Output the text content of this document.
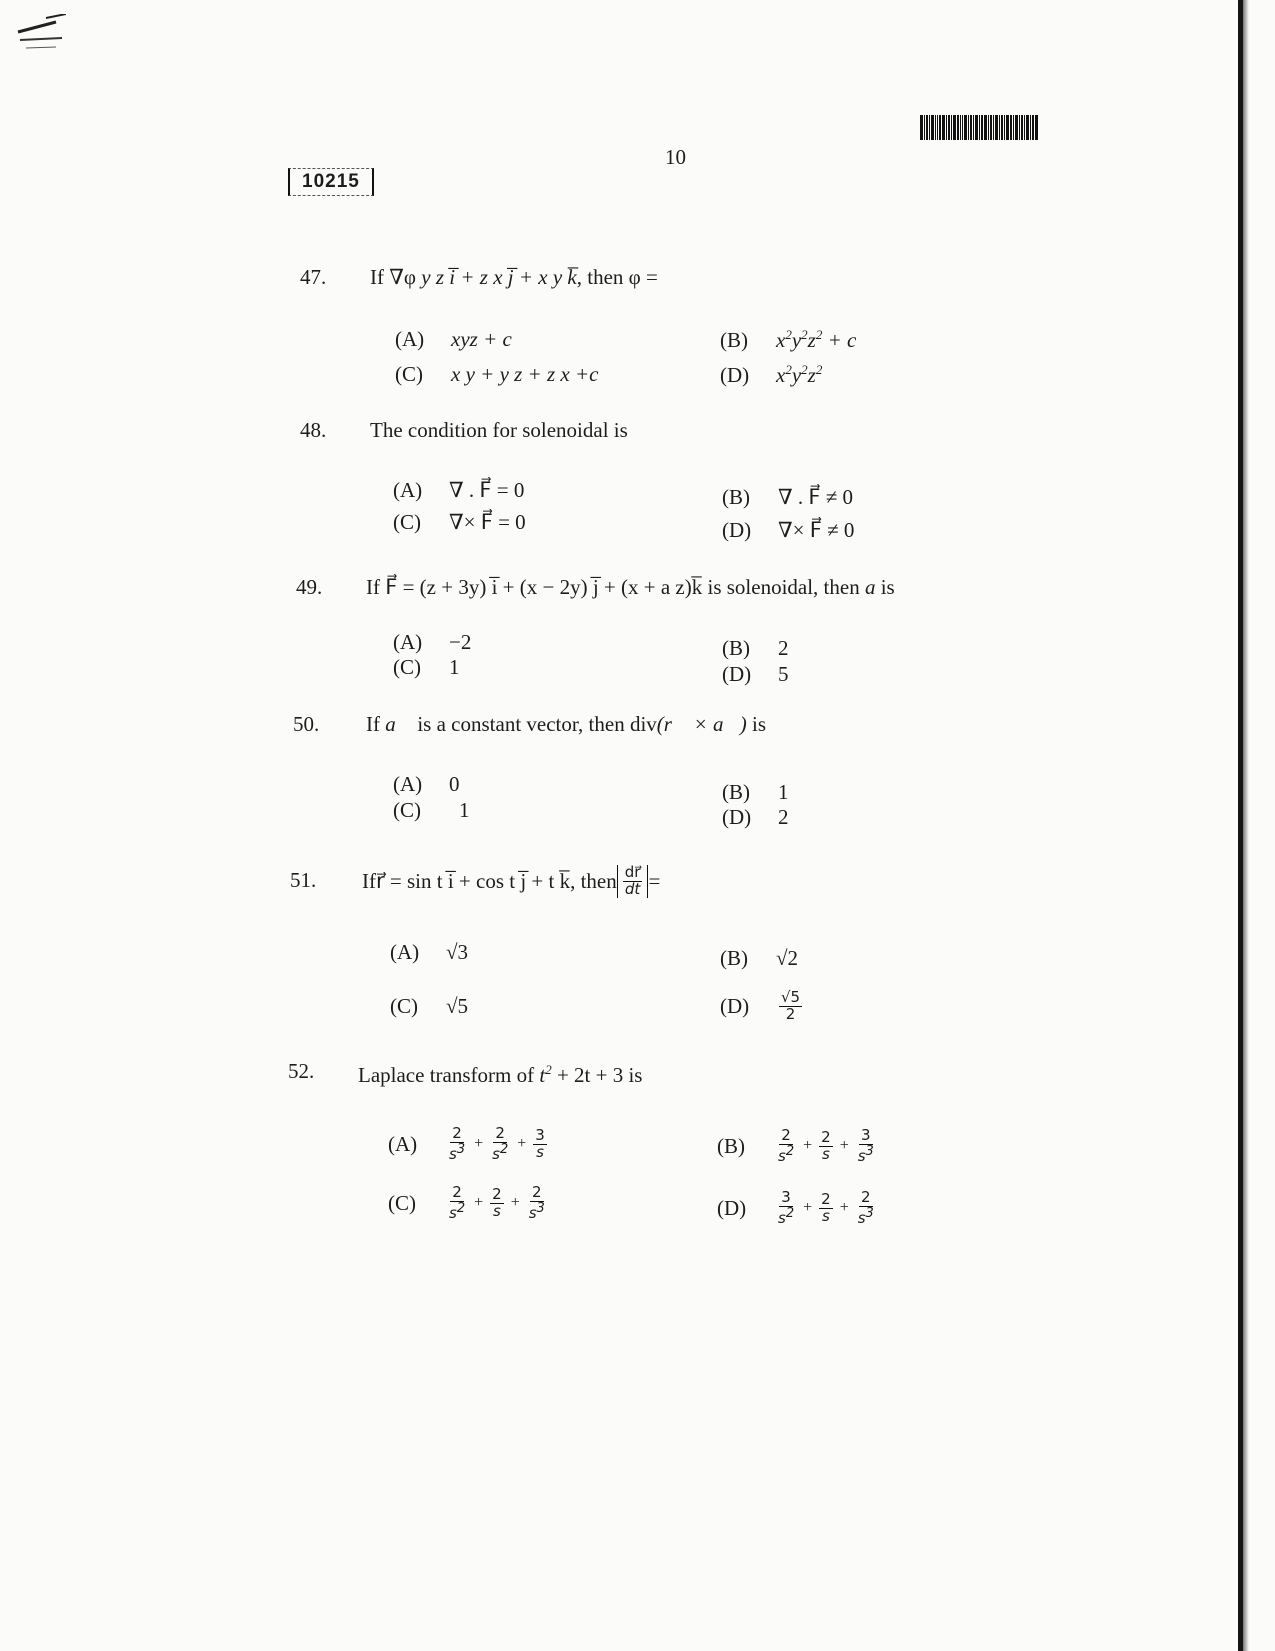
10
10215
47. If ∇φ y z i̅ + z x j̅ + x y k̅, then φ =
(A)	xyz + c	(B)	$x^2y^2z^2 + c$
(C)	x y + y z + z x +c	(D)	$x^2y^2z^2$
48. The condition for solenoidal is
(A)	∇ . F⃗ = 0	(B)	∇ . F⃗ ≠ 0
(C)	∇× F⃗ = 0	(D)	∇× F⃗ ≠ 0
49. If F⃗ = (z + 3y) i̅ + (x − 2y) j̅ + (x + a z)k̅ is solenoidal, then a is
(A)	−2	(B)	2
(C)	1	(D)	5
50. If a⃗ is a constant vector, then div(r⃗ × a⃗) is
(A)	0	(B)	1
(C)	1	(D)	2
51. If r⃗ = sin t i̅ + cos t j̅ + t k̅ , then $\frac{dr⃗}{dt}$ =
(A)	√3	(B)	√2
(C)	√5	(D)	$\frac{√5}{2}$
52. Laplace transform of $t^2 + 2t + 3$ is
(A)	$\frac{2}{s^3} + \frac{2}{s^2} + \frac{3}{s}$	(B)	$\frac{2}{s^2} + \frac{2}{s} + \frac{3}{s^3}$
(C)	$\frac{2}{s^2} + \frac{2}{s} + \frac{2}{s^3}$	(D)	$\frac{3}{s^2} + \frac{2}{s} + \frac{2}{s^3}$
